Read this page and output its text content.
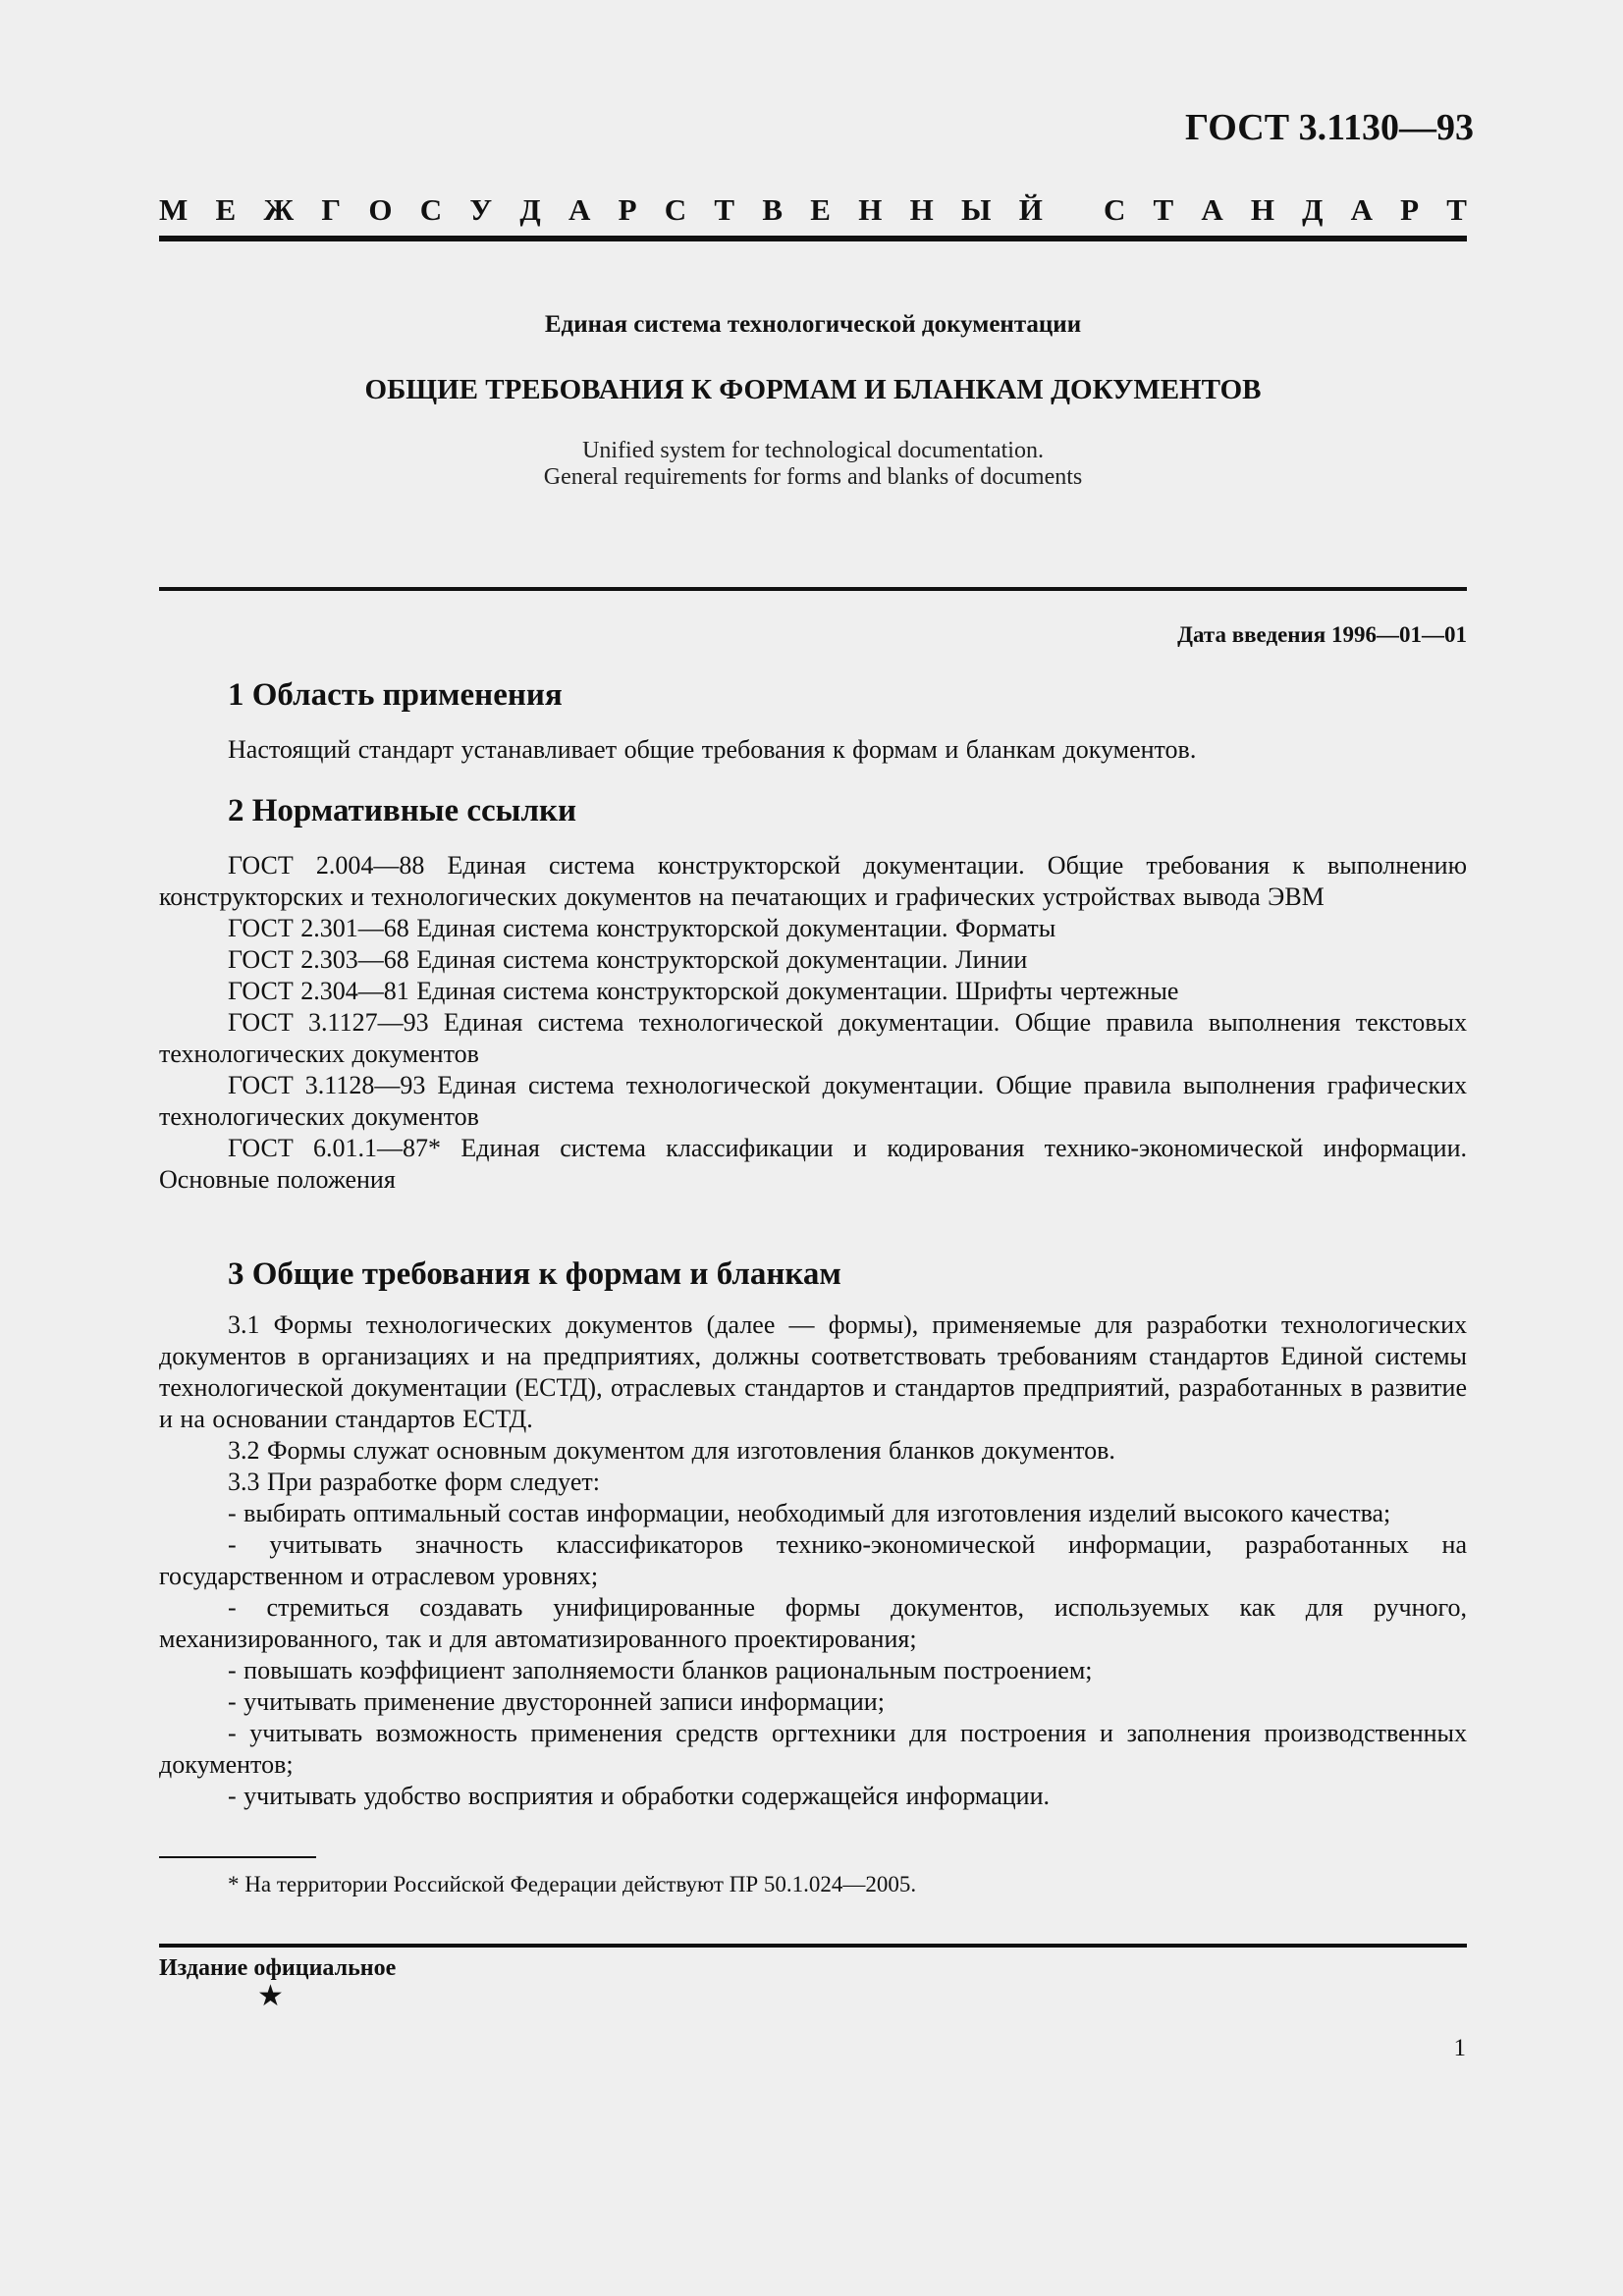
ГОСТ 3.1130—93
М Е Ж Г О С У Д А Р С Т В Е Н Н Ы Й С Т А Н Д А Р Т
Единая система технологической документации
ОБЩИЕ ТРЕБОВАНИЯ К ФОРМАМ И БЛАНКАМ ДОКУМЕНТОВ
Unified system for technological documentation.
General requirements for forms and blanks of documents
Дата введения 1996—01—01
1 Область применения

Настоящий стандарт устанавливает общие требования к формам и бланкам документов.

2 Нормативные ссылки

ГОСТ 2.004—88 Единая система конструкторской документации. Общие требования к выполнению конструкторских и технологических документов на печатающих и графических устройствах вывода ЭВМ

ГОСТ 2.301—68 Единая система конструкторской документации. Форматы

ГОСТ 2.303—68 Единая система конструкторской документации. Линии

ГОСТ 2.304—81 Единая система конструкторской документации. Шрифты чертежные

ГОСТ 3.1127—93 Единая система технологической документации. Общие правила выполнения текстовых технологических документов

ГОСТ 3.1128—93 Единая система технологической документации. Общие правила выполнения графических технологических документов

ГОСТ 6.01.1—87* Единая система классификации и кодирования технико-экономической информации. Основные положения

3 Общие требования к формам и бланкам

3.1 Формы технологических документов (далее — формы), применяемые для разработки технологических документов в организациях и на предприятиях, должны соответствовать требованиям стандартов Единой системы технологической документации (ЕСТД), отраслевых стандартов и стандартов предприятий, разработанных в развитие и на основании стандартов ЕСТД.

3.2 Формы служат основным документом для изготовления бланков документов.

3.3 При разработке форм следует:

- выбирать оптимальный состав информации, необходимый для изготовления изделий высокого качества;

- учитывать значность классификаторов технико-экономической информации, разработанных на государственном и отраслевом уровнях;

- стремиться создавать унифицированные формы документов, используемых как для ручного, механизированного, так и для автоматизированного проектирования;

- повышать коэффициент заполняемости бланков рациональным построением;

- учитывать применение двусторонней записи информации;

- учитывать возможность применения средств оргтехники для построения и заполнения производственных документов;

- учитывать удобство восприятия и обработки содержащейся информации.

* На территории Российской Федерации действуют ПР 50.1.024—2005.
Издание официальное
★
1
